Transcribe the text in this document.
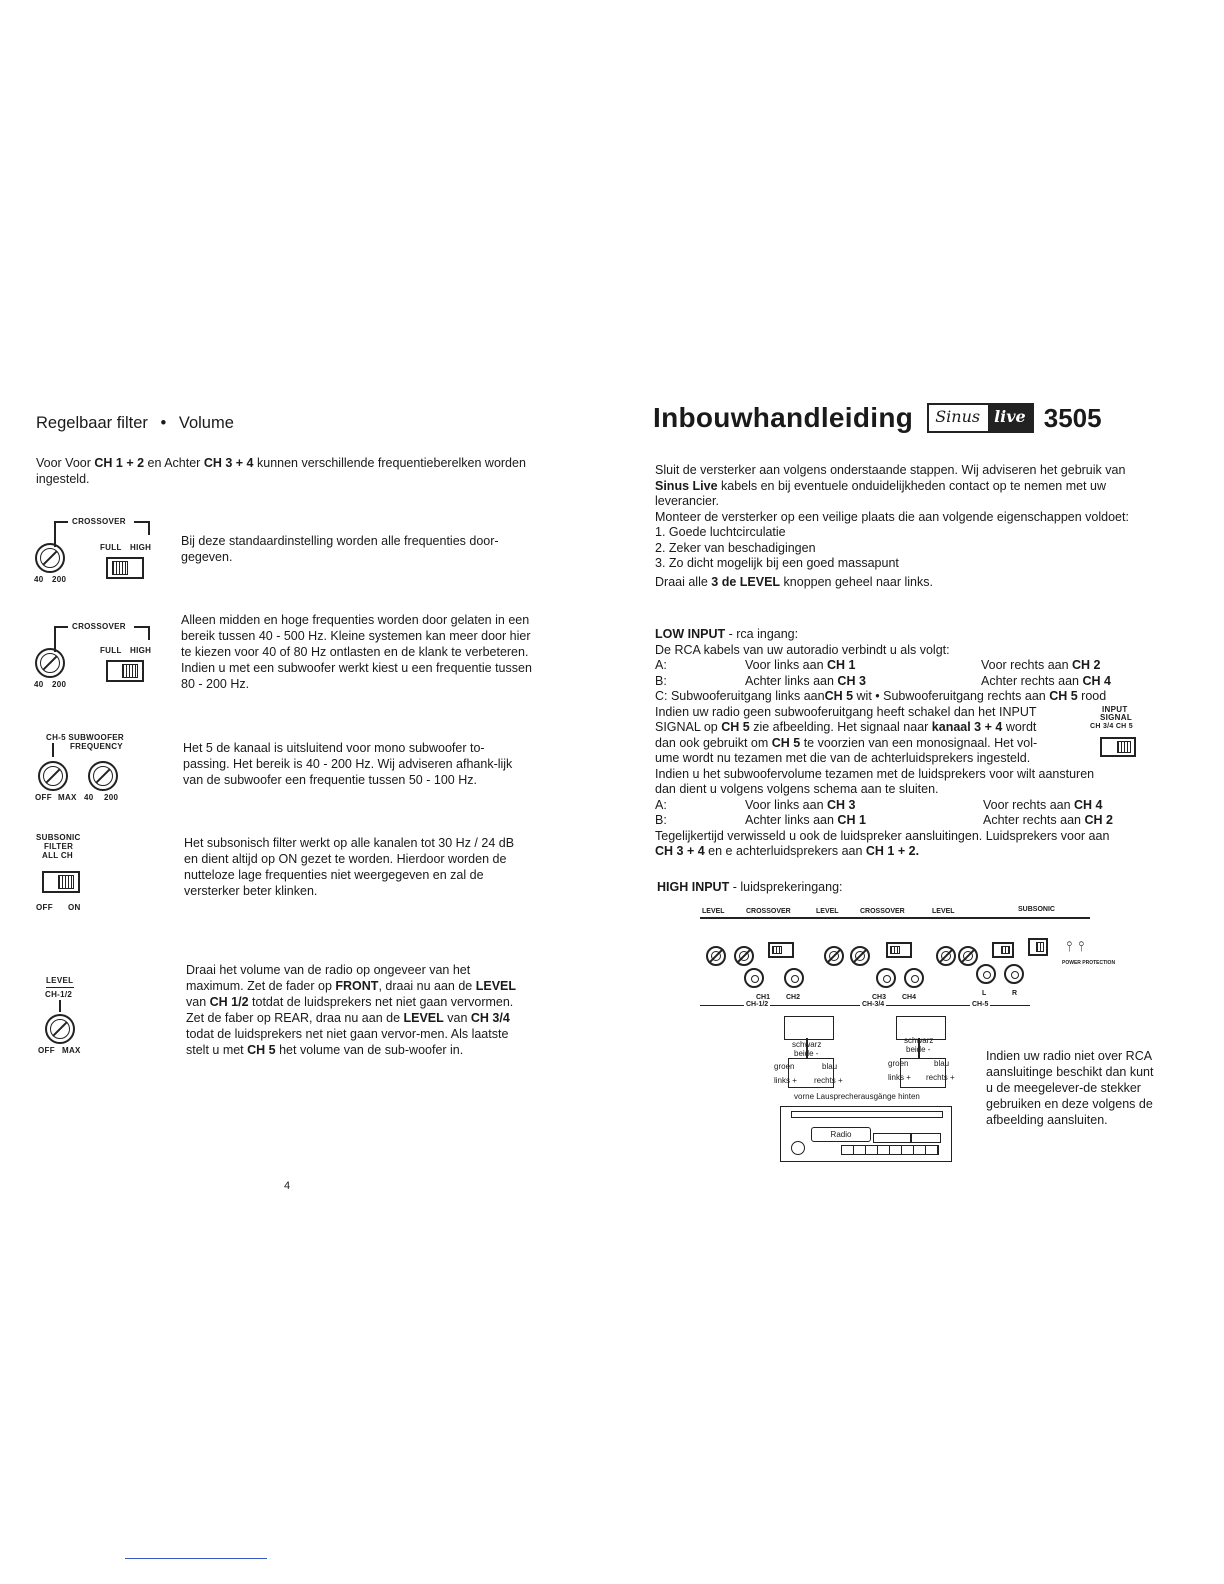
Regelbaar filter • Volume
Voor Voor CH 1 + 2 en Achter CH 3 + 4 kunnen verschillende frequentieberelken worden ingesteld.
CROSSOVER
40 200
FULL HIGH Bij deze standaardinstelling worden alle frequenties door-gegeven.
CROSSOVER
40 200
FULL HIGH
Alleen midden en hoge frequenties worden door gelaten in een bereik tussen 40 - 500 Hz. Kleine systemen kan meer door hier te kiezen voor 40 of 80 Hz ontlasten en de klank te verbeteren. Indien u met een subwoofer werkt kiest u een frequentie tussen 80 - 200 Hz.
CH-5 SUBWOOFER
FREQUENCY
OFF MAX 40 200
Het 5 de kanaal is uitsluitend voor mono subwoofer to-passing. Het bereik is 40 - 200 Hz. Wij adviseren afhank-lijk van de subwoofer een frequentie tussen 50 - 100 Hz.
SUBSONIC
FILTER
ALL CH
OFF ON
Het subsonisch filter werkt op alle kanalen tot 30 Hz / 24 dB en dient altijd op ON gezet te worden. Hierdoor worden de nutteloze lage frequenties niet weergegeven en zal de versterker beter klinken.
LEVEL
CH-1/2
OFF MAX
Draai het volume van de radio op ongeveer van het maximum. Zet de fader op FRONT, draai nu aan de LEVEL van CH 1/2 totdat de luidsprekers net niet gaan vervormen. Zet de faber op REAR, draa nu aan de LEVEL van CH 3/4 todat de luidsprekers net niet gaan vervor-men. Als laatste stelt u met CH 5 het volume van de sub-woofer in.
4
Inbouwhandleiding	Sinus live 3505
Sluit de versterker aan volgens onderstaande stappen. Wij adviseren het gebruik van Sinus Live kabels en bij eventuele onduidelijkheden contact op te nemen met uw leverancier.
Monteer de versterker op een veilige plaats die aan volgende eigenschappen voldoet:
1. Goede luchtcirculatie
2. Zeker van beschadigingen
3. Zo dicht mogelijk bij een goed massapunt
Draai alle 3 de LEVEL knoppen geheel naar links.
LOW INPUT - rca ingang:
De RCA kabels van uw autoradio verbindt u als volgt:
A:	Voor links aan CH 1	Voor rechts aan CH 2
B:	Achter links aan CH 3	Achter rechts aan CH 4
C: Subwooferuitgang links aanCH 5 wit • Subwooferuitgang rechts aan CH 5 rood
Indien uw radio geen subwooferuitgang heeft schakel dan het INPUT
SIGNAL op CH 5 zie afbeelding. Het signaal naar kanaal 3 + 4 wordt
dan ook gebruikt om CH 5 te voorzien van een monosignaal. Het vol-
ume wordt nu tezamen met die van de achterluidsprekers ingesteld.
Indien u het subwoofervolume tezamen met de luidsprekers voor wilt aansturen
dan dient u volgens volgens schema aan te sluiten.
A:	Voor links aan CH 3	Voor rechts aan CH 4
B:	Achter links aan CH 1	Achter rechts aan CH 2
Tegelijkertijd verwisseld u ook de luidspreker aansluitingen. Luidsprekers voor aan
CH 3 + 4 en e achterluidsprekers aan CH 1 + 2.
INPUT
SIGNAL
CH 3/4 CH 5
HIGH INPUT - luidsprekeringang:
LEVEL	CROSSOVER	LEVEL	CROSSOVER	LEVEL	SUBSONIC
⫯ ⫯
POWER PROTECTION
CH1 CH2	CH3 CH4
L	R
CH-1/2	CH-3/4	CH-5
schwarz
beide -
schwarz
beide -
groen	blau
links + rechts +
groen	blau
links + rechts +
vorne Lausprecherausgänge hinten
Radio
Indien uw radio niet over RCA aansluitinge beschikt dan kunt u de meegelever-de stekker gebruiken en deze volgens de afbeelding aansluiten.
